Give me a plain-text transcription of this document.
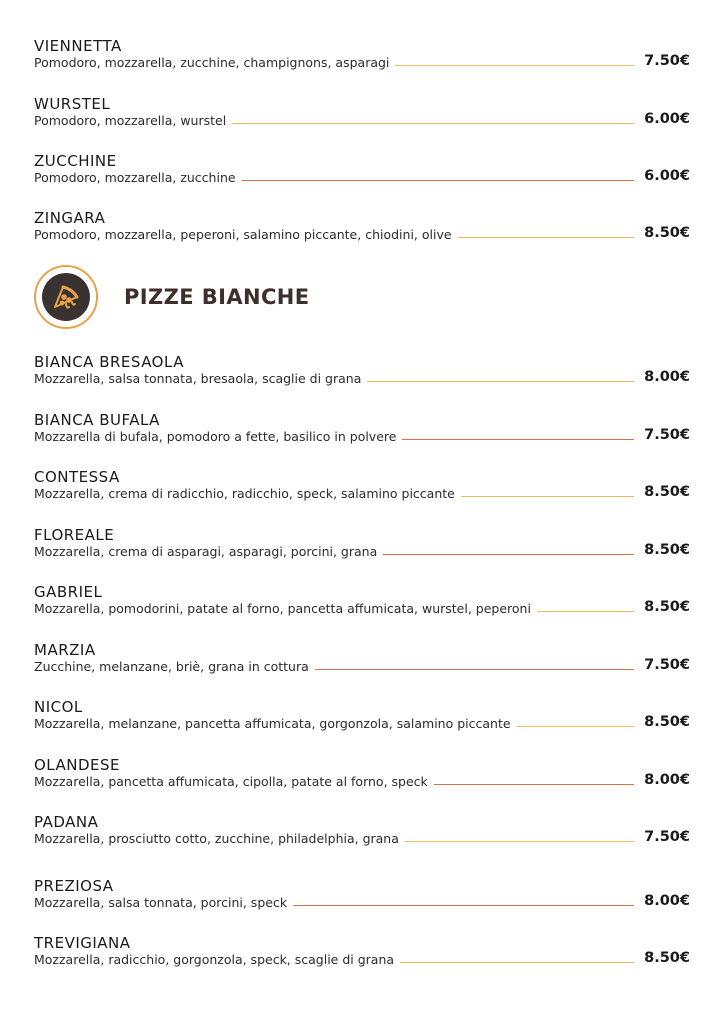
VIENNETTA
Pomodoro, mozzarella, zucchine, champignons, asparagi	7.50€
WURSTEL
Pomodoro, mozzarella, wurstel	6.00€
ZUCCHINE
Pomodoro, mozzarella, zucchine	6.00€
ZINGARA
Pomodoro, mozzarella, peperoni, salamino piccante, chiodini, olive	8.50€
PIZZE BIANCHE
BIANCA BRESAOLA
Mozzarella, salsa tonnata, bresaola, scaglie di grana	8.00€
BIANCA BUFALA
Mozzarella di bufala, pomodoro a fette, basilico in polvere	7.50€
CONTESSA
Mozzarella, crema di radicchio, radicchio, speck, salamino piccante	8.50€
FLOREALE
Mozzarella, crema di asparagi, asparagi, porcini, grana	8.50€
GABRIEL
Mozzarella, pomodorini, patate al forno, pancetta affumicata, wurstel, peperoni	8.50€
MARZIA
Zucchine, melanzane, briè, grana in cottura	7.50€
NICOL
Mozzarella, melanzane, pancetta affumicata, gorgonzola, salamino piccante	8.50€
OLANDESE
Mozzarella, pancetta affumicata, cipolla, patate al forno, speck	8.00€
PADANA
Mozzarella, prosciutto cotto, zucchine, philadelphia, grana	7.50€
PREZIOSA
Mozzarella, salsa tonnata, porcini, speck	8.00€
TREVIGIANA
Mozzarella, radicchio, gorgonzola, speck, scaglie di grana	8.50€
